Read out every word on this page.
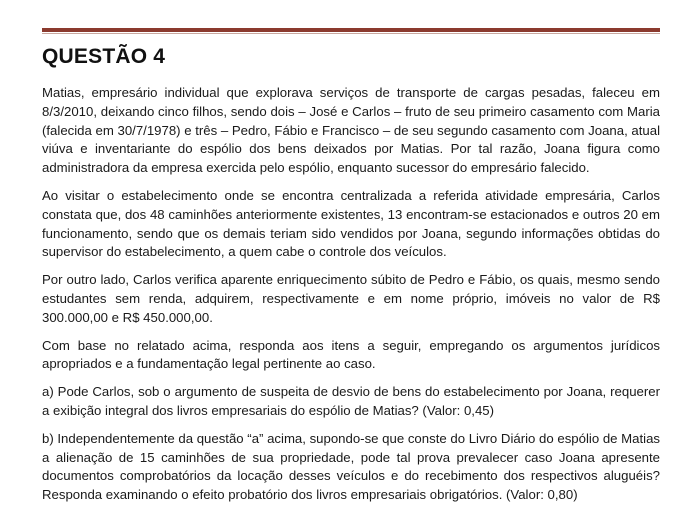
QUESTÃO 4

Matias, empresário individual que explorava serviços de transporte de cargas pesadas, faleceu em 8/3/2010, deixando cinco filhos, sendo dois – José e Carlos – fruto de seu primeiro casamento com Maria (falecida em 30/7/1978) e três – Pedro, Fábio e Francisco – de seu segundo casamento com Joana, atual viúva e inventariante do espólio dos bens deixados por Matias. Por tal razão, Joana figura como administradora da empresa exercida pelo espólio, enquanto sucessor do empresário falecido.

Ao visitar o estabelecimento onde se encontra centralizada a referida atividade empresária, Carlos constata que, dos 48 caminhões anteriormente existentes, 13 encontram-se estacionados e outros 20 em funcionamento, sendo que os demais teriam sido vendidos por Joana, segundo informações obtidas do supervisor do estabelecimento, a quem cabe o controle dos veículos.

Por outro lado, Carlos verifica aparente enriquecimento súbito de Pedro e Fábio, os quais, mesmo sendo estudantes sem renda, adquirem, respectivamente e em nome próprio, imóveis no valor de R$ 300.000,00 e R$ 450.000,00.

Com base no relatado acima, responda aos itens a seguir, empregando os argumentos jurídicos apropriados e a fundamentação legal pertinente ao caso.

a) Pode Carlos, sob o argumento de suspeita de desvio de bens do estabelecimento por Joana, requerer a exibição integral dos livros empresariais do espólio de Matias? (Valor: 0,45)

b) Independentemente da questão “a” acima, supondo-se que conste do Livro Diário do espólio de Matias a alienação de 15 caminhões de sua propriedade, pode tal prova prevalecer caso Joana apresente documentos comprobatórios da locação desses veículos e do recebimento dos respectivos aluguéis? Responda examinando o efeito probatório dos livros empresariais obrigatórios. (Valor: 0,80)
